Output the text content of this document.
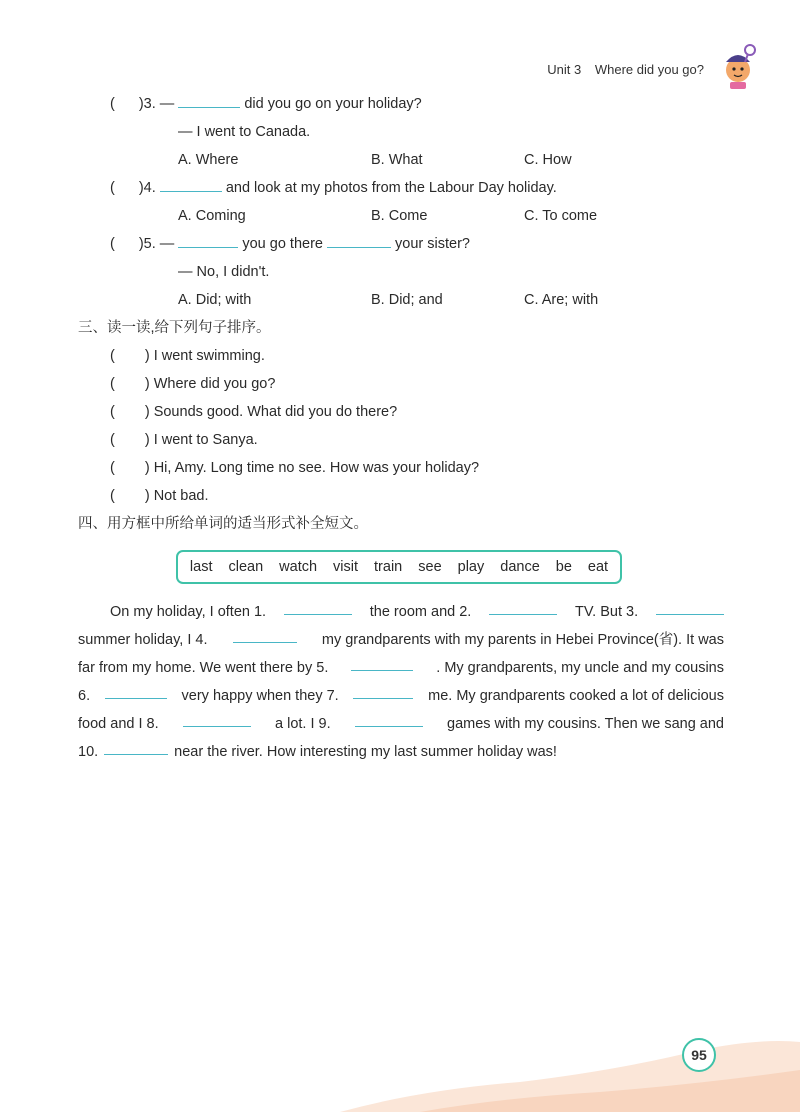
Unit 3 Where did you go?
( )3. —	did you go on your holiday?
— I went to Canada.
A. Where	B. What	C. How
( )4.	and look at my photos from the Labour Day holiday.
A. Coming	B. Come	C. To come
( )5. —	you go there	your sister?
— No, I didn't.
A. Did; with	B. Did; and	C. Are; with
三、读一读,给下列句子排序。
( ) I went swimming.
( ) Where did you go?
( ) Sounds good. What did you do there?
( ) I went to Sanya.
( ) Hi, Amy. Long time no see. How was your holiday?
( ) Not bad.
四、用方框中所给单词的适当形式补全短文。
last clean watch visit train see play dance be eat
On my holiday, I often 1.	the room and 2.	TV. But 3.
summer holiday, I 4.	my grandparents with my parents in Hebei Province(省). It was
far from my home. We went there by 5.	. My grandparents, my uncle and my cousins
6.	very happy when they 7.	me. My grandparents cooked a lot of delicious
food and I 8.	a lot. I 9.	games with my cousins. Then we sang and
10.	near the river. How interesting my last summer holiday was!
95
